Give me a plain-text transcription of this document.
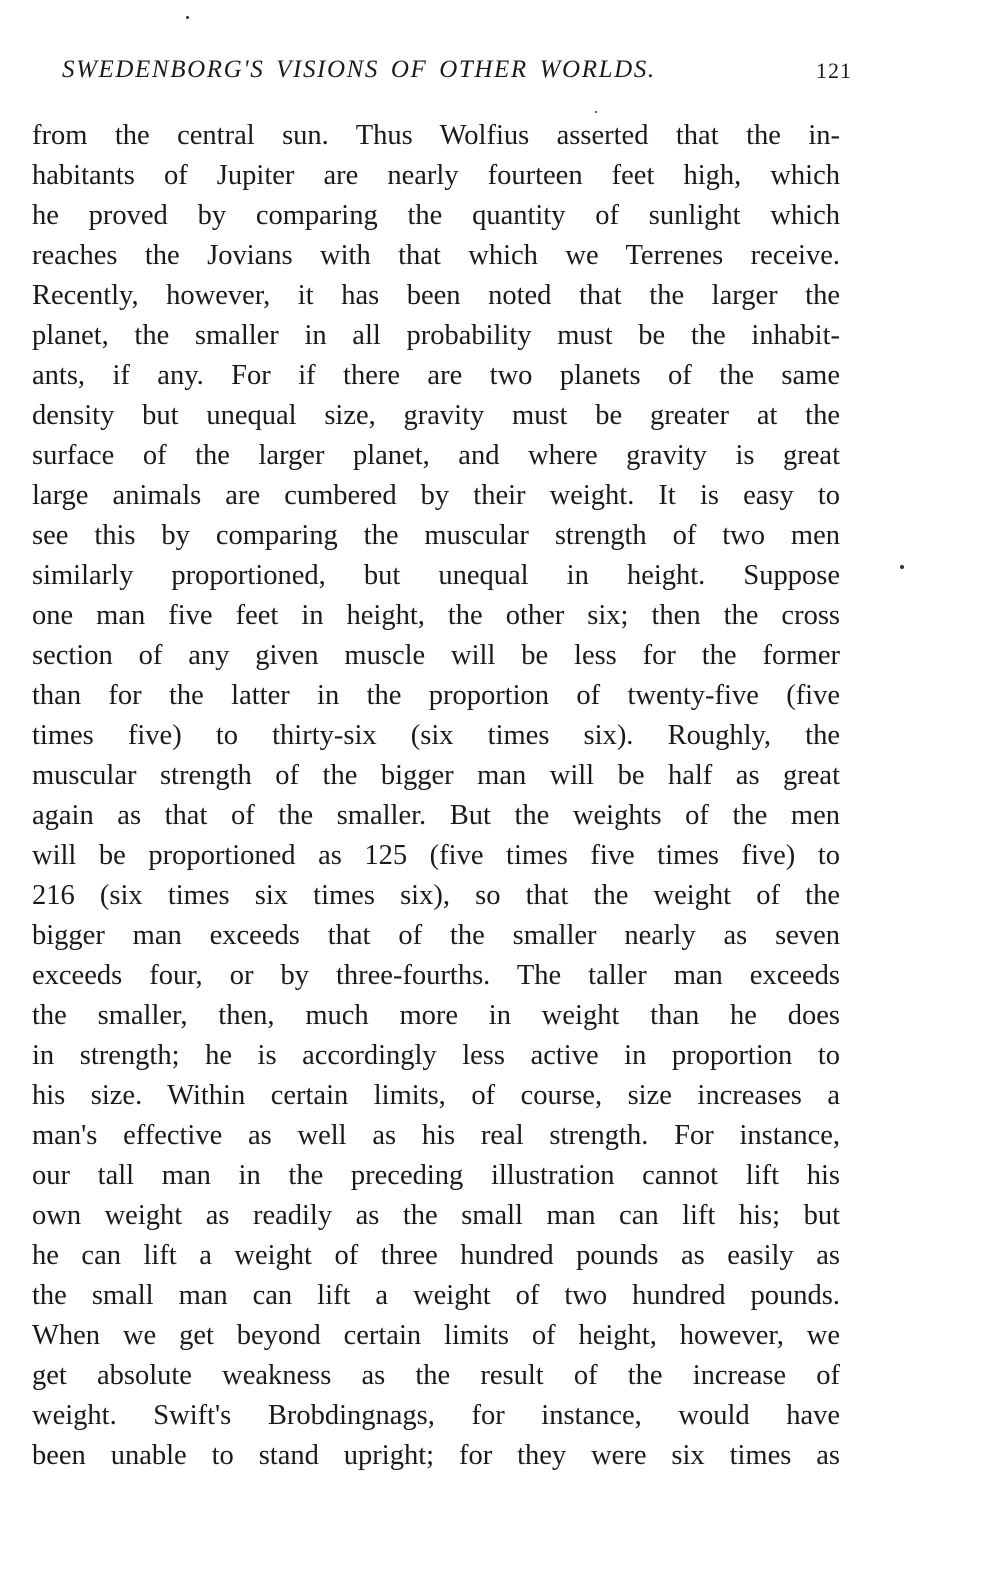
SWEDENBORG'S VISIONS OF OTHER WORLDS.	121
from the central sun. Thus Wolfius asserted that the in-
habitants of Jupiter are nearly fourteen feet high, which
he proved by comparing the quantity of sunlight which
reaches the Jovians with that which we Terrenes receive.
Recently, however, it has been noted that the larger the
planet, the smaller in all probability must be the inhabit-
ants, if any. For if there are two planets of the same
density but unequal size, gravity must be greater at the
surface of the larger planet, and where gravity is great
large animals are cumbered by their weight. It is easy to
see this by comparing the muscular strength of two men
similarly proportioned, but unequal in height. Suppose
one man five feet in height, the other six; then the cross
section of any given muscle will be less for the former
than for the latter in the proportion of twenty-five (five
times five) to thirty-six (six times six). Roughly, the
muscular strength of the bigger man will be half as great
again as that of the smaller. But the weights of the men
will be proportioned as 125 (five times five times five) to
216 (six times six times six), so that the weight of the
bigger man exceeds that of the smaller nearly as seven
exceeds four, or by three-fourths. The taller man exceeds
the smaller, then, much more in weight than he does
in strength; he is accordingly less active in proportion to
his size. Within certain limits, of course, size increases a
man's effective as well as his real strength. For instance,
our tall man in the preceding illustration cannot lift his
own weight as readily as the small man can lift his; but
he can lift a weight of three hundred pounds as easily as
the small man can lift a weight of two hundred pounds.
When we get beyond certain limits of height, however, we
get absolute weakness as the result of the increase of
weight. Swift's Brobdingnags, for instance, would have
been unable to stand upright; for they were six times as
